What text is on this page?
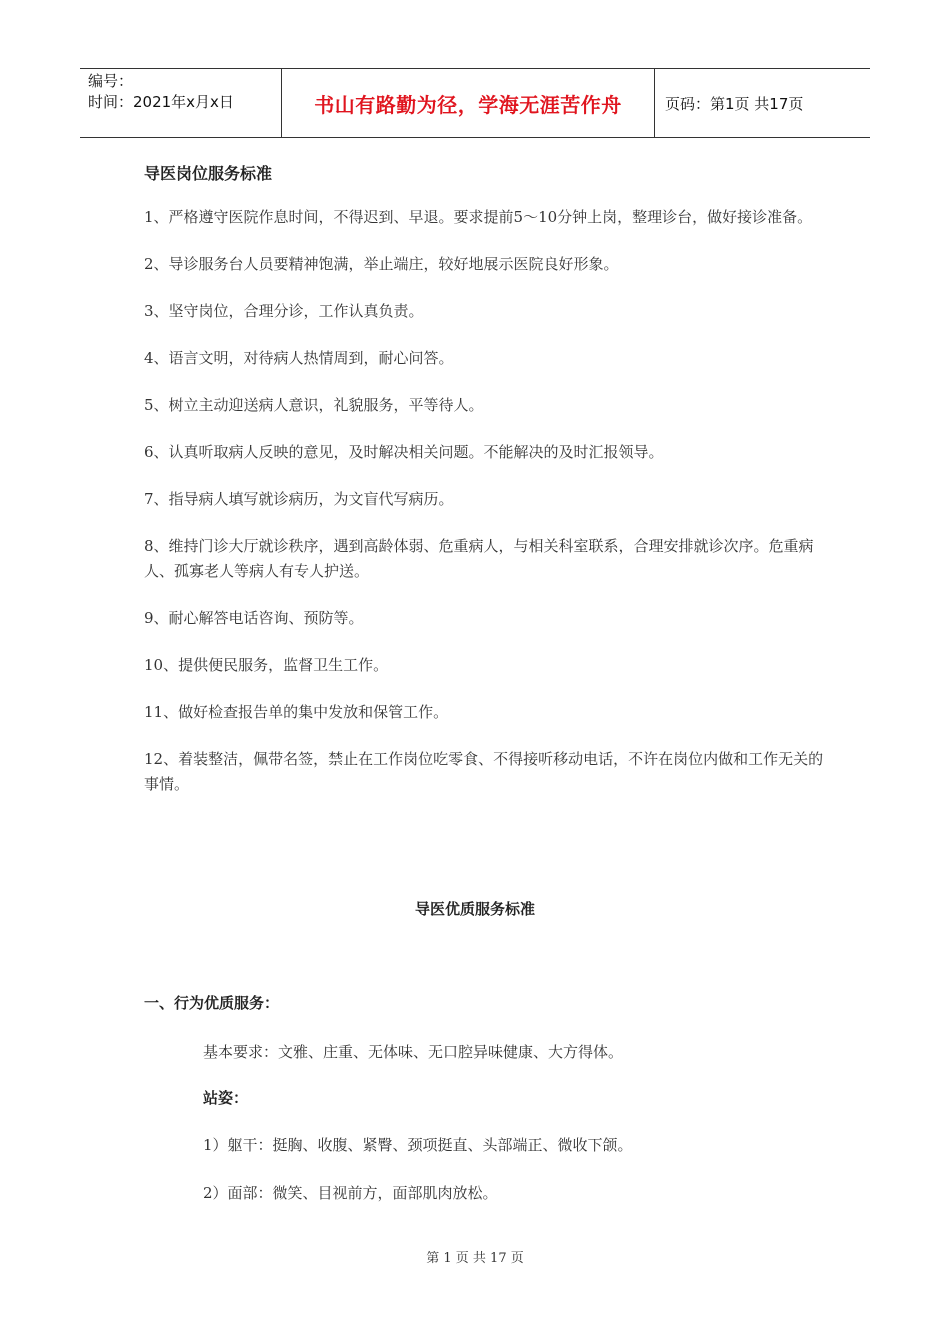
编号：
时间：2021年x月x日	书山有路勤为径，学海无涯苦作舟	页码：第1页 共17页
导医岗位服务标准

1、严格遵守医院作息时间，不得迟到、早退。要求提前5～10分钟上岗，整理诊台，做好接诊准备。

2、导诊服务台人员要精神饱满，举止端庄，较好地展示医院良好形象。

3、坚守岗位，合理分诊，工作认真负责。

4、语言文明，对待病人热情周到，耐心问答。

5、树立主动迎送病人意识，礼貌服务，平等待人。

6、认真听取病人反映的意见，及时解决相关问题。不能解决的及时汇报领导。

7、指导病人填写就诊病历，为文盲代写病历。

8、维持门诊大厅就诊秩序，遇到高龄体弱、危重病人，与相关科室联系，合理安排就诊次序。危重病人、孤寡老人等病人有专人护送。

9、耐心解答电话咨询、预防等。

10、提供便民服务，监督卫生工作。

11、做好检查报告单的集中发放和保管工作。

12、着装整洁，佩带名签，禁止在工作岗位吃零食、不得接听移动电话，不许在岗位内做和工作无关的事情。

导医优质服务标准
一、行为优质服务：
基本要求：文雅、庄重、无体味、无口腔异味健康、大方得体。
站姿：
1）躯干：挺胸、收腹、紧臀、颈项挺直、头部端正、微收下颌。
2）面部：微笑、目视前方，面部肌肉放松。
第 1 页 共 17 页
